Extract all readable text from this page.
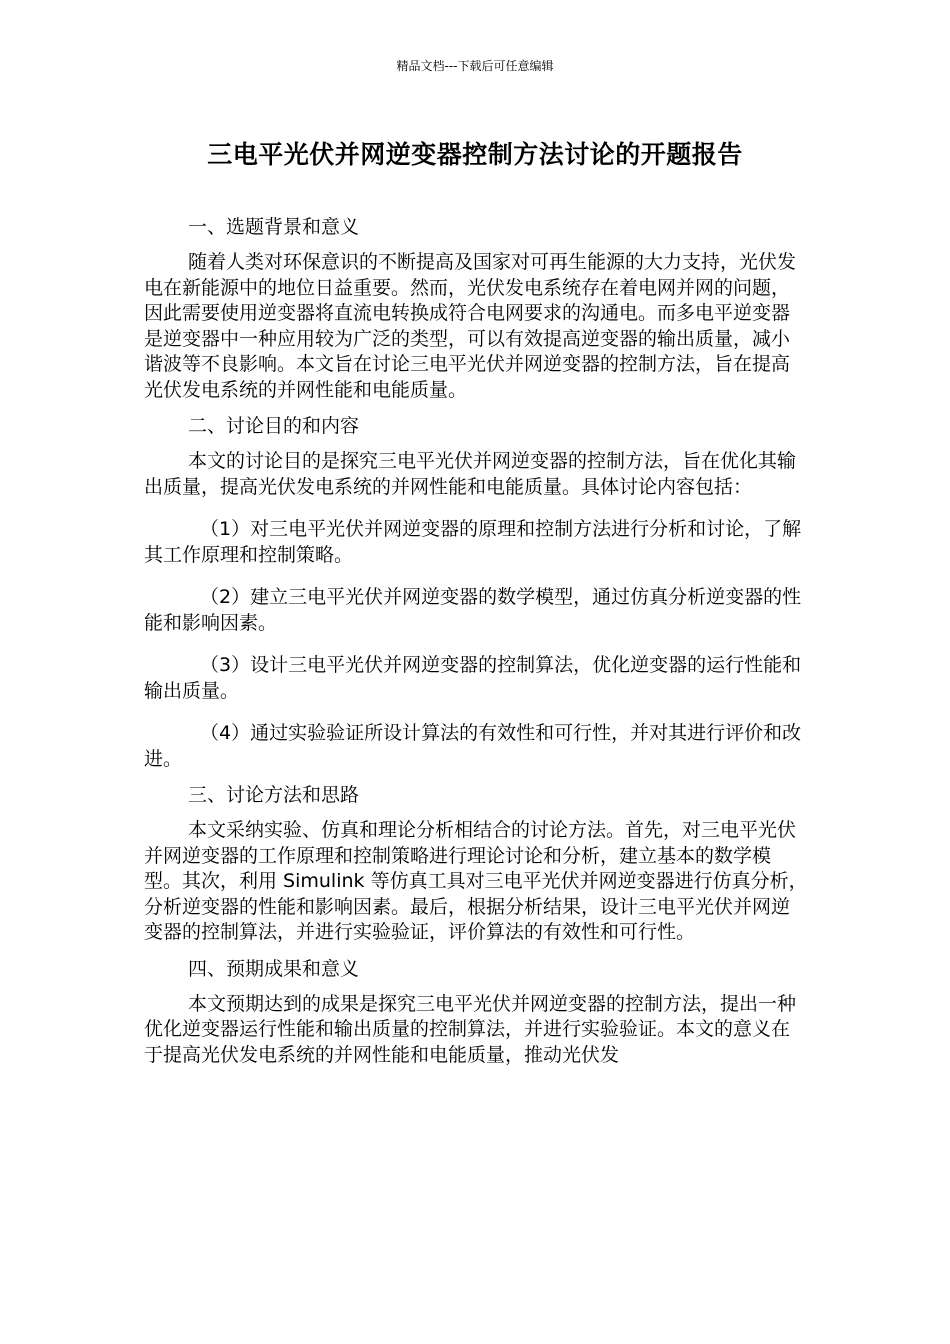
精品文档---下载后可任意编辑
三电平光伏并网逆变器控制方法讨论的开题报告
一、选题背景和意义
随着人类对环保意识的不断提高及国家对可再生能源的大力支持，光伏发电在新能源中的地位日益重要。然而，光伏发电系统存在着电网并网的问题，因此需要使用逆变器将直流电转换成符合电网要求的沟通电。而多电平逆变器是逆变器中一种应用较为广泛的类型，可以有效提高逆变器的输出质量，减小谐波等不良影响。本文旨在讨论三电平光伏并网逆变器的控制方法，旨在提高光伏发电系统的并网性能和电能质量。
二、讨论目的和内容
本文的讨论目的是探究三电平光伏并网逆变器的控制方法，旨在优化其输出质量，提高光伏发电系统的并网性能和电能质量。具体讨论内容包括：
（1）对三电平光伏并网逆变器的原理和控制方法进行分析和讨论，了解其工作原理和控制策略。
（2）建立三电平光伏并网逆变器的数学模型，通过仿真分析逆变器的性能和影响因素。
（3）设计三电平光伏并网逆变器的控制算法，优化逆变器的运行性能和输出质量。
（4）通过实验验证所设计算法的有效性和可行性，并对其进行评价和改进。
三、讨论方法和思路
本文采纳实验、仿真和理论分析相结合的讨论方法。首先，对三电平光伏并网逆变器的工作原理和控制策略进行理论讨论和分析，建立基本的数学模型。其次，利用 Simulink 等仿真工具对三电平光伏并网逆变器进行仿真分析，分析逆变器的性能和影响因素。最后，根据分析结果，设计三电平光伏并网逆变器的控制算法，并进行实验验证，评价算法的有效性和可行性。
四、预期成果和意义
本文预期达到的成果是探究三电平光伏并网逆变器的控制方法，提出一种优化逆变器运行性能和输出质量的控制算法，并进行实验验证。本文的意义在于提高光伏发电系统的并网性能和电能质量，推动光伏发
